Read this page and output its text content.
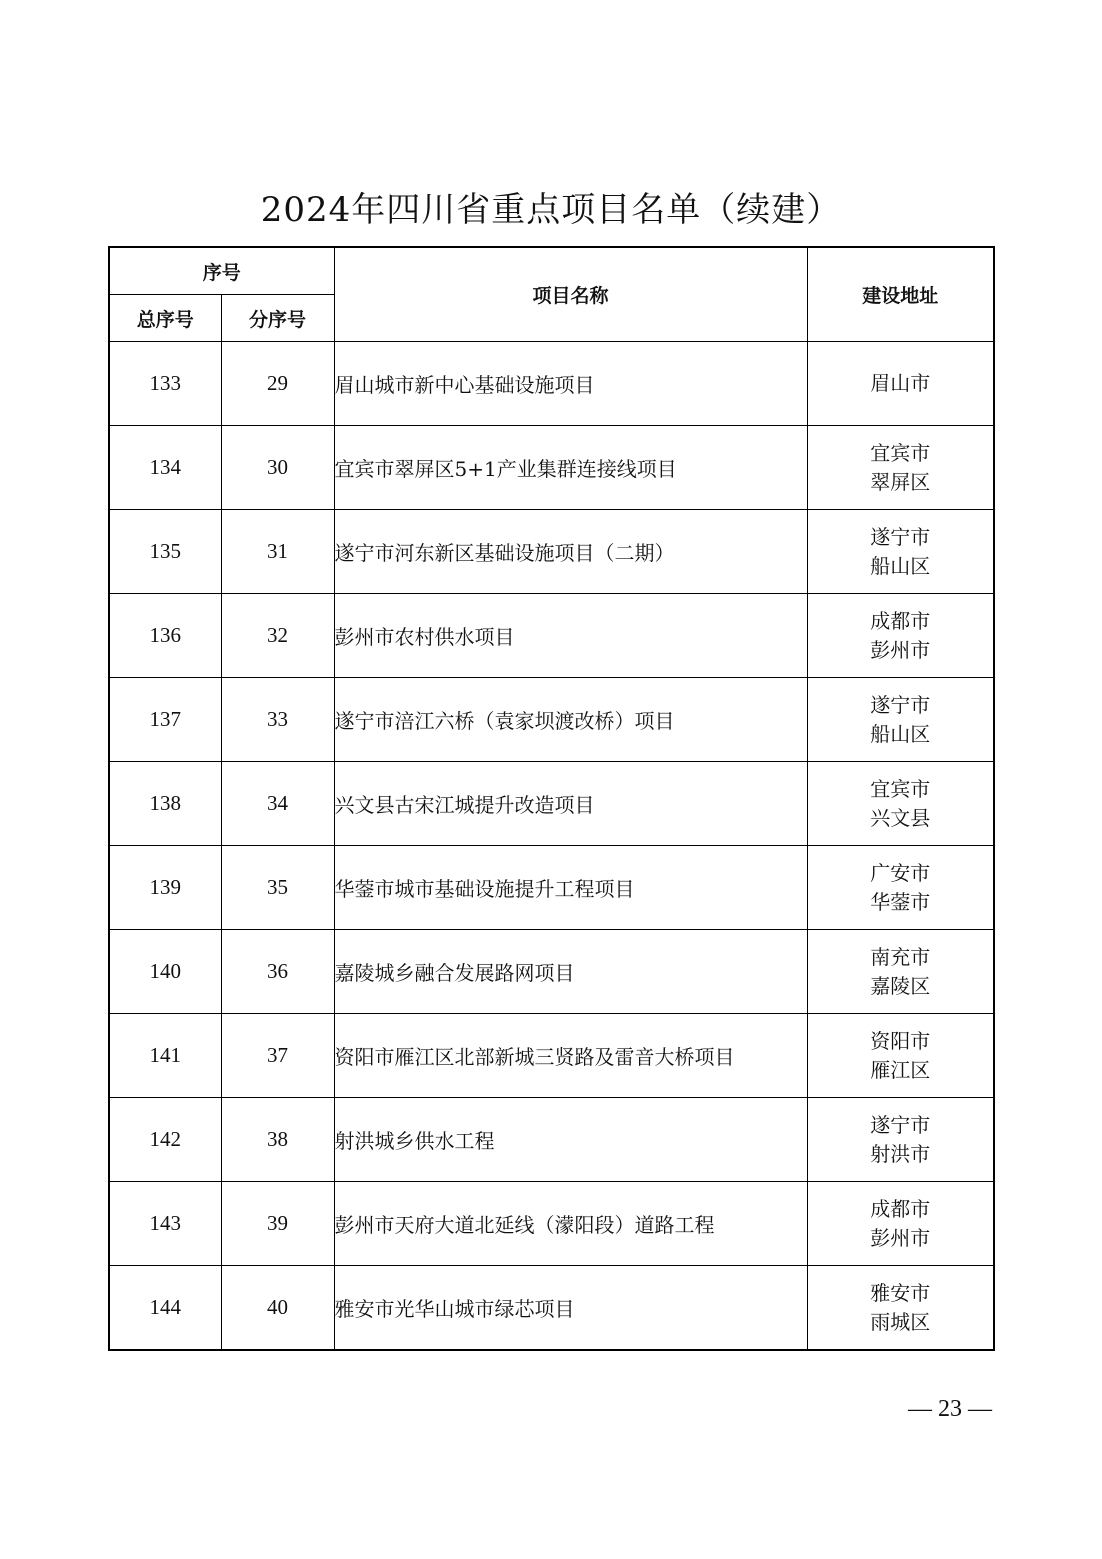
2024年四川省重点项目名单（续建）
序号		项目名称	建设地址
总序号	分序号		
133	29	眉山城市新中心基础设施项目	眉山市

134	30	宜宾市翠屏区5+1产业集群连接线项目	宜宾市
翠屏区

135	31	遂宁市河东新区基础设施项目（二期）	遂宁市
船山区

136	32	彭州市农村供水项目	成都市
彭州市

137	33	遂宁市涪江六桥（袁家坝渡改桥）项目	遂宁市
船山区

138	34	兴文县古宋江城提升改造项目	宜宾市
兴文县

139	35	华蓥市城市基础设施提升工程项目	广安市
华蓥市

140	36	嘉陵城乡融合发展路网项目	南充市
嘉陵区

141	37	资阳市雁江区北部新城三贤路及雷音大桥项目	资阳市
雁江区

142	38	射洪城乡供水工程	遂宁市
射洪市

143	39	彭州市天府大道北延线（濛阳段）道路工程	成都市
彭州市

144	40	雅安市光华山城市绿芯项目	雅安市
雨城区
— 23 —
